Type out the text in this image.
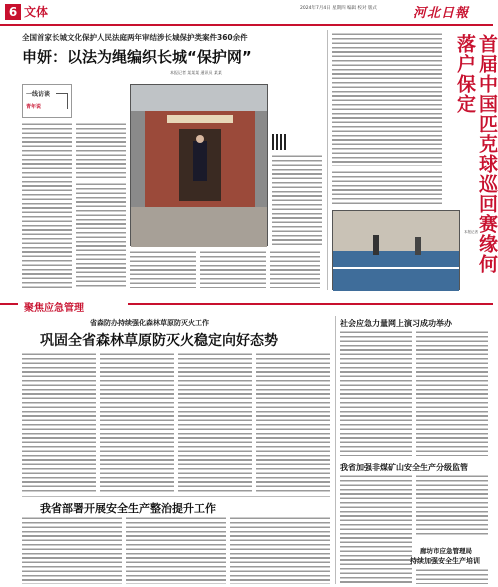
6 文体	2024年7月4日 星期四 编辑 校对 版式	河北日報
全国首家长城文化保护人民法庭两年审结涉长城保护类案件360余件
申妍：以法为绳编织长城“保护网”
本报记者 某某某 通讯员 某某
一线访谈
青年说	首届中国匹克球巡回赛缘何落户保定
本报记者
聚焦应急管理
省森防办持续强化森林草原防灭火工作
巩固全省森林草原防灭火稳定向好态势
我省部署开展安全生产整治提升工作
社会应急力量网上演习成功举办
我省加强非煤矿山安全生产分级监管
廊坊市应急管理局
持续加强安全生产培训
